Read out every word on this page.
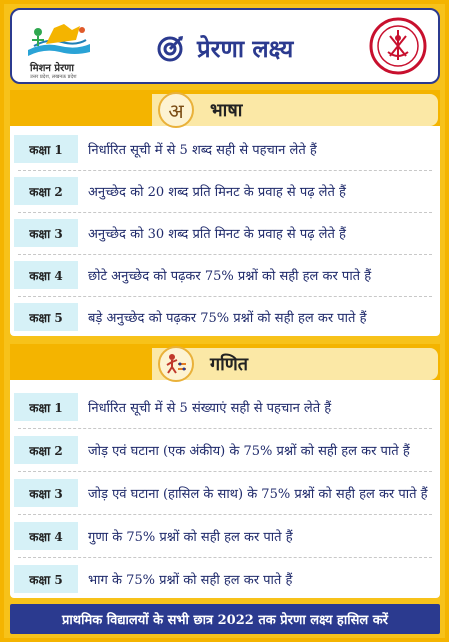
मिशन प्रेरणा
उत्तर प्रदेश, लखनऊ प्रदेश
प्रेरणा लक्ष्य
अ	भाषा
कक्षा 1	निर्धारित सूची में से 5 शब्द सही से पहचान लेते हैं
कक्षा 2	अनुच्छेद को 20 शब्द प्रति मिनट के प्रवाह से पढ़ लेते हैं
कक्षा 3	अनुच्छेद को 30 शब्द प्रति मिनट के प्रवाह से पढ़ लेते हैं
कक्षा 4	छोटे अनुच्छेद को पढ़कर 75% प्रश्नों को सही हल कर पाते हैं
कक्षा 5	बड़े अनुच्छेद को पढ़कर 75% प्रश्नों को सही हल कर पाते हैं
गणित
कक्षा 1	निर्धारित सूची में से 5 संख्याएं सही से पहचान लेते हैं
कक्षा 2	जोड़ एवं घटाना (एक अंकीय) के 75% प्रश्नों को सही हल कर पाते हैं
कक्षा 3	जोड़ एवं घटाना (हासिल के साथ) के 75% प्रश्नों को सही हल कर पाते हैं
कक्षा 4	गुणा के 75% प्रश्नों को सही हल कर पाते हैं
कक्षा 5	भाग के 75% प्रश्नों को सही हल कर पाते हैं
प्राथमिक विद्यालयों के सभी छात्र 2022 तक प्रेरणा लक्ष्य हासिल करें
